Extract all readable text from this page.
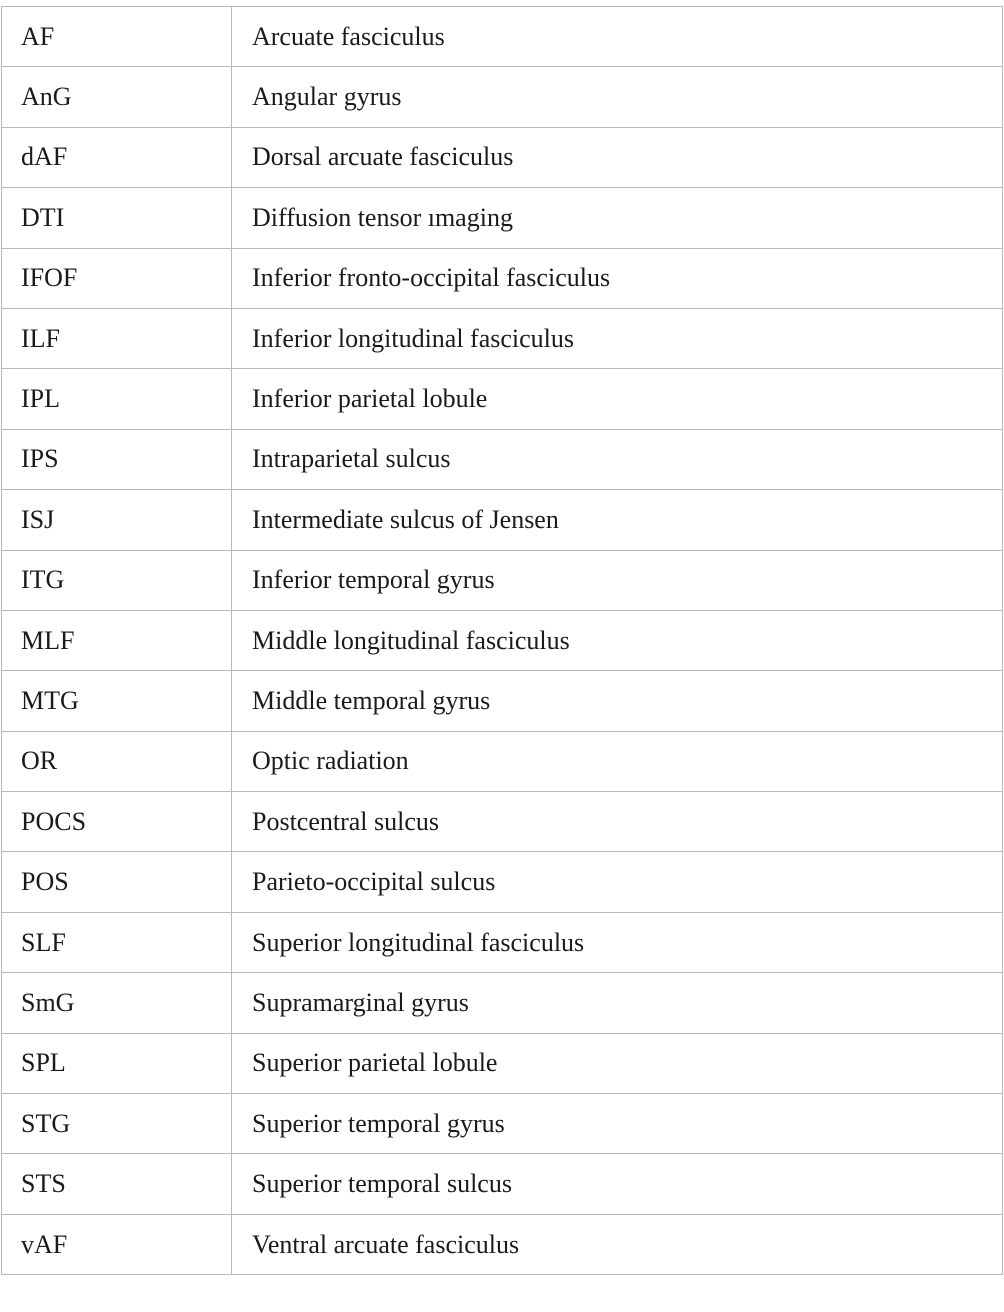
AF	Arcuate fasciculus
AnG	Angular gyrus
dAF	Dorsal arcuate fasciculus
DTI	Diffusion tensor ımaging
IFOF	Inferior fronto-occipital fasciculus
ILF	Inferior longitudinal fasciculus
IPL	Inferior parietal lobule
IPS	Intraparietal sulcus
ISJ	Intermediate sulcus of Jensen
ITG	Inferior temporal gyrus
MLF	Middle longitudinal fasciculus
MTG	Middle temporal gyrus
OR	Optic radiation
POCS	Postcentral sulcus
POS	Parieto-occipital sulcus
SLF	Superior longitudinal fasciculus
SmG	Supramarginal gyrus
SPL	Superior parietal lobule
STG	Superior temporal gyrus
STS	Superior temporal sulcus
vAF	Ventral arcuate fasciculus
